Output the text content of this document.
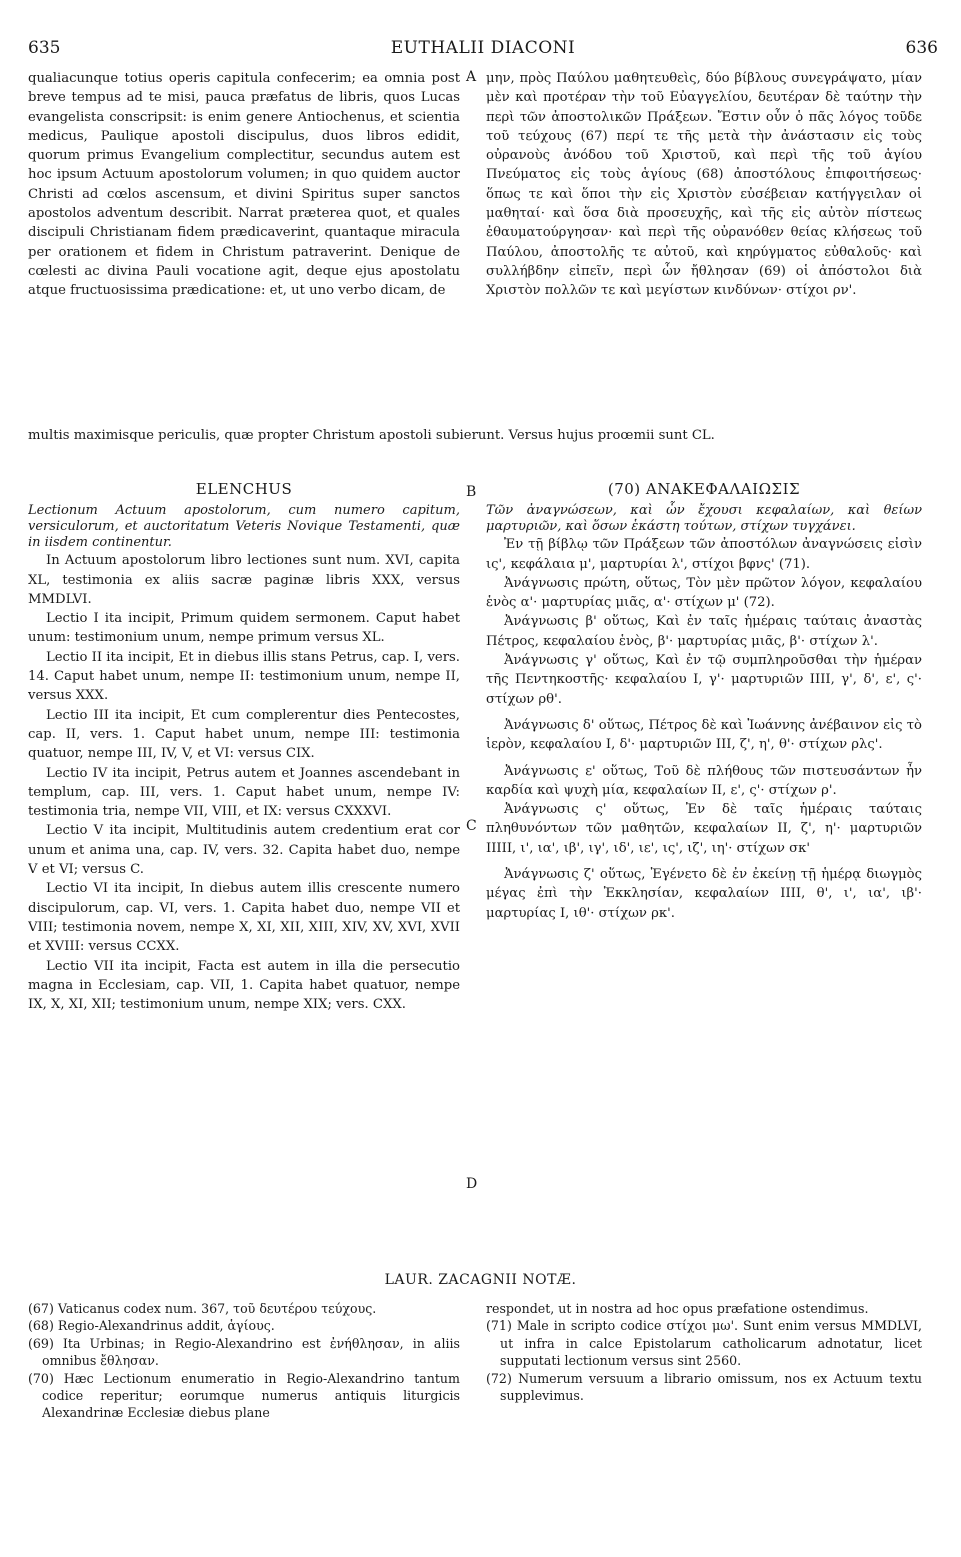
635	EUTHALII DIACONI	636

qualiacunque totius operis capitula confecerim; ea omnia post breve tempus ad te misi, pauca præfatus de libris, quos Lucas evangelista conscripsit: is enim genere Antiochenus, et scientia medicus, Paulique apostoli discipulus, duos libros edidit, quorum primus Evangelium complectitur, secundus autem est hoc ipsum Actuum apostolorum volumen; in quo quidem auctor Christi ad cœlos ascensum, et divini Spiritus super sanctos apostolos adventum describit. Narrat præterea quot, et quales discipuli Christianam fidem prædicaverint, quantaque miracula per orationem et fidem in Christum patraverint. Denique de cœlesti ac divina Pauli vocatione agit, deque ejus apostolatu atque fructuosissima prædicatione: et, ut uno verbo dicam, de

A μην, πρὸς Παύλου μαθητευθεὶς, δύο βίβλους συνεγράψατο, μίαν μὲν καὶ προτέραν τὴν τοῦ Εὐαγγελίου, δευτέραν δὲ ταύτην τὴν περὶ τῶν ἀποστολικῶν Πράξεων. Ἔστιν οὖν ὁ πᾶς λόγος τοῦδε τοῦ τεύχους (67) περί τε τῆς μετὰ τὴν ἀνάστασιν εἰς τοὺς οὐρανοὺς ἀνόδου τοῦ Χριστοῦ, καὶ περὶ τῆς τοῦ ἁγίου Πνεύματος εἰς τοὺς ἁγίους (68) ἀποστόλους ἐπιφοιτήσεως· ὅπως τε καὶ ὅποι τὴν εἰς Χριστὸν εὐσέβειαν κατήγγειλαν οἱ μαθηταί· καὶ ὅσα διὰ προσευχῆς, καὶ τῆς εἰς αὐτὸν πίστεως ἐθαυματούργησαν· καὶ περὶ τῆς οὐρανόθεν θείας κλήσεως τοῦ Παύλου, ἀποστολῆς τε αὐτοῦ, καὶ κηρύγματος εὐθαλοῦς· καὶ συλλήβδην εἰπεῖν, περὶ ὧν ἤθλησαν (69) οἱ ἀπόστολοι διὰ Χριστὸν πολλῶν τε καὶ μεγίστων κινδύνων· στίχοι ρν'.

multis maximisque periculis, quæ propter Christum apostoli subierunt. Versus hujus proœmii sunt CL.
ELENCHUS

Lectionum Actuum apostolorum, cum numero capitum, versiculorum, et auctoritatum Veteris Novique Testamenti, quæ in iisdem continentur.

In Actuum apostolorum libro lectiones sunt num. XVI, capita XL, testimonia ex aliis sacræ paginæ libris XXX, versus MMDLVI.

Lectio I ita incipit, Primum quidem sermonem. Caput habet unum: testimonium unum, nempe primum versus XL.

Lectio II ita incipit, Et in diebus illis stans Petrus, cap. I, vers. 14. Caput habet unum, nempe II: testimonium unum, nempe II, versus XXX.

Lectio III ita incipit, Et cum complerentur dies Pentecostes, cap. II, vers. 1. Caput habet unum, nempe III: testimonia quatuor, nempe III, IV, V, et VI: versus CIX.

Lectio IV ita incipit, Petrus autem et Joannes ascendebant in templum, cap. III, vers. 1. Caput habet unum, nempe IV: testimonia tria, nempe VII, VIII, et IX: versus CXXXVI.

Lectio V ita incipit, Multitudinis autem credentium erat cor unum et anima una, cap. IV, vers. 32. Capita habet duo, nempe V et VI; versus C.

Lectio VI ita incipit, In diebus autem illis crescente numero discipulorum, cap. VI, vers. 1. Capita habet duo, nempe VII et VIII; testimonia novem, nempe X, XI, XII, XIII, XIV, XV, XVI, XVII et XVIII: versus CCXX.

Lectio VII ita incipit, Facta est autem in illa die persecutio magna in Ecclesiam, cap. VII, 1. Capita habet quatuor, nempe IX, X, XI, XII; testimonium unum, nempe XIX; vers. CXX.

B
C
D
(70) ΑΝΑΚΕΦΑΛΑΙΩΣΙΣ

Τῶν ἀναγνώσεων, καὶ ὧν ἔχουσι κεφαλαίων, καὶ θείων μαρτυριῶν, καὶ ὅσων ἑκάστη τούτων, στίχων τυγχάνει.

Ἐν τῇ βίβλῳ τῶν Πράξεων τῶν ἀποστόλων ἀναγνώσεις εἰσὶν ις', κεφάλαια μ', μαρτυρίαι λ', στίχοι βφνς' (71).

Ἀνάγνωσις πρώτη, οὕτως, Τὸν μὲν πρῶτον λόγον, κεφαλαίου ἑνὸς α'· μαρτυρίας μιᾶς, α'· στίχων μ' (72).

Ἀνάγνωσις β' οὕτως, Καὶ ἐν ταῖς ἡμέραις ταύταις ἀναστὰς Πέτρος, κεφαλαίου ἑνὸς, β'· μαρτυρίας μιᾶς, β'· στίχων λ'.

Ἀνάγνωσις γ' οὕτως, Καὶ ἐν τῷ συμπληροῦσθαι τὴν ἡμέραν τῆς Πεντηκοστῆς· κεφαλαίου I, γ'· μαρτυριῶν IIII, γ', δ', ε', ς'· στίχων ρθ'.

Ἀνάγνωσις δ' οὕτως, Πέτρος δὲ καὶ Ἰωάννης ἀνέβαινον εἰς τὸ ἱερὸν, κεφαλαίου I, δ'· μαρτυριῶν III, ζ', η', θ'· στίχων ρλς'.

Ἀνάγνωσις ε' οὕτως, Τοῦ δὲ πλήθους τῶν πιστευσάντων ἦν καρδία καὶ ψυχὴ μία, κεφαλαίων II, ε', ς'· στίχων ρ'.

Ἀνάγνωσις ς' οὕτως, Ἐν δὲ ταῖς ἡμέραις ταύταις πληθυνόντων τῶν μαθητῶν, κεφαλαίων II, ζ', η'· μαρτυριῶν IIIII, ι', ια', ιβ', ιγ', ιδ', ιε', ις', ιζ', ιη'· στίχων σκ'

Ἀνάγνωσις ζ' οὕτως, Ἐγένετο δὲ ἐν ἐκείνῃ τῇ ἡμέρᾳ διωγμὸς μέγας ἐπὶ τὴν Ἐκκλησίαν, κεφαλαίων IIII, θ', ι', ια', ιβ'· μαρτυρίας I, ιθ'· στίχων ρκ'.

LAUR. ZACAGNII NOTÆ.

(67) Vaticanus codex num. 367, τοῦ δευτέρου τεύχους.

(68) Regio-Alexandrinus addit, ἁγίους.

(69) Ita Urbinas; in Regio-Alexandrino est ἐνήθλησαν, in aliis omnibus ἔθλησαν.

(70) Hæc Lectionum enumeratio in Regio-Alexandrino tantum codice reperitur; eorumque numerus antiquis liturgicis Alexandrinæ Ecclesiæ diebus plane

respondet, ut in nostra ad hoc opus præfatione ostendimus.

(71) Male in scripto codice στίχοι μω'. Sunt enim versus MMDLVI, ut infra in calce Epistolarum catholicarum adnotatur, licet supputati lectionum versus sint 2560.

(72) Numerum versuum a librario omissum, nos ex Actuum textu supplevimus.
